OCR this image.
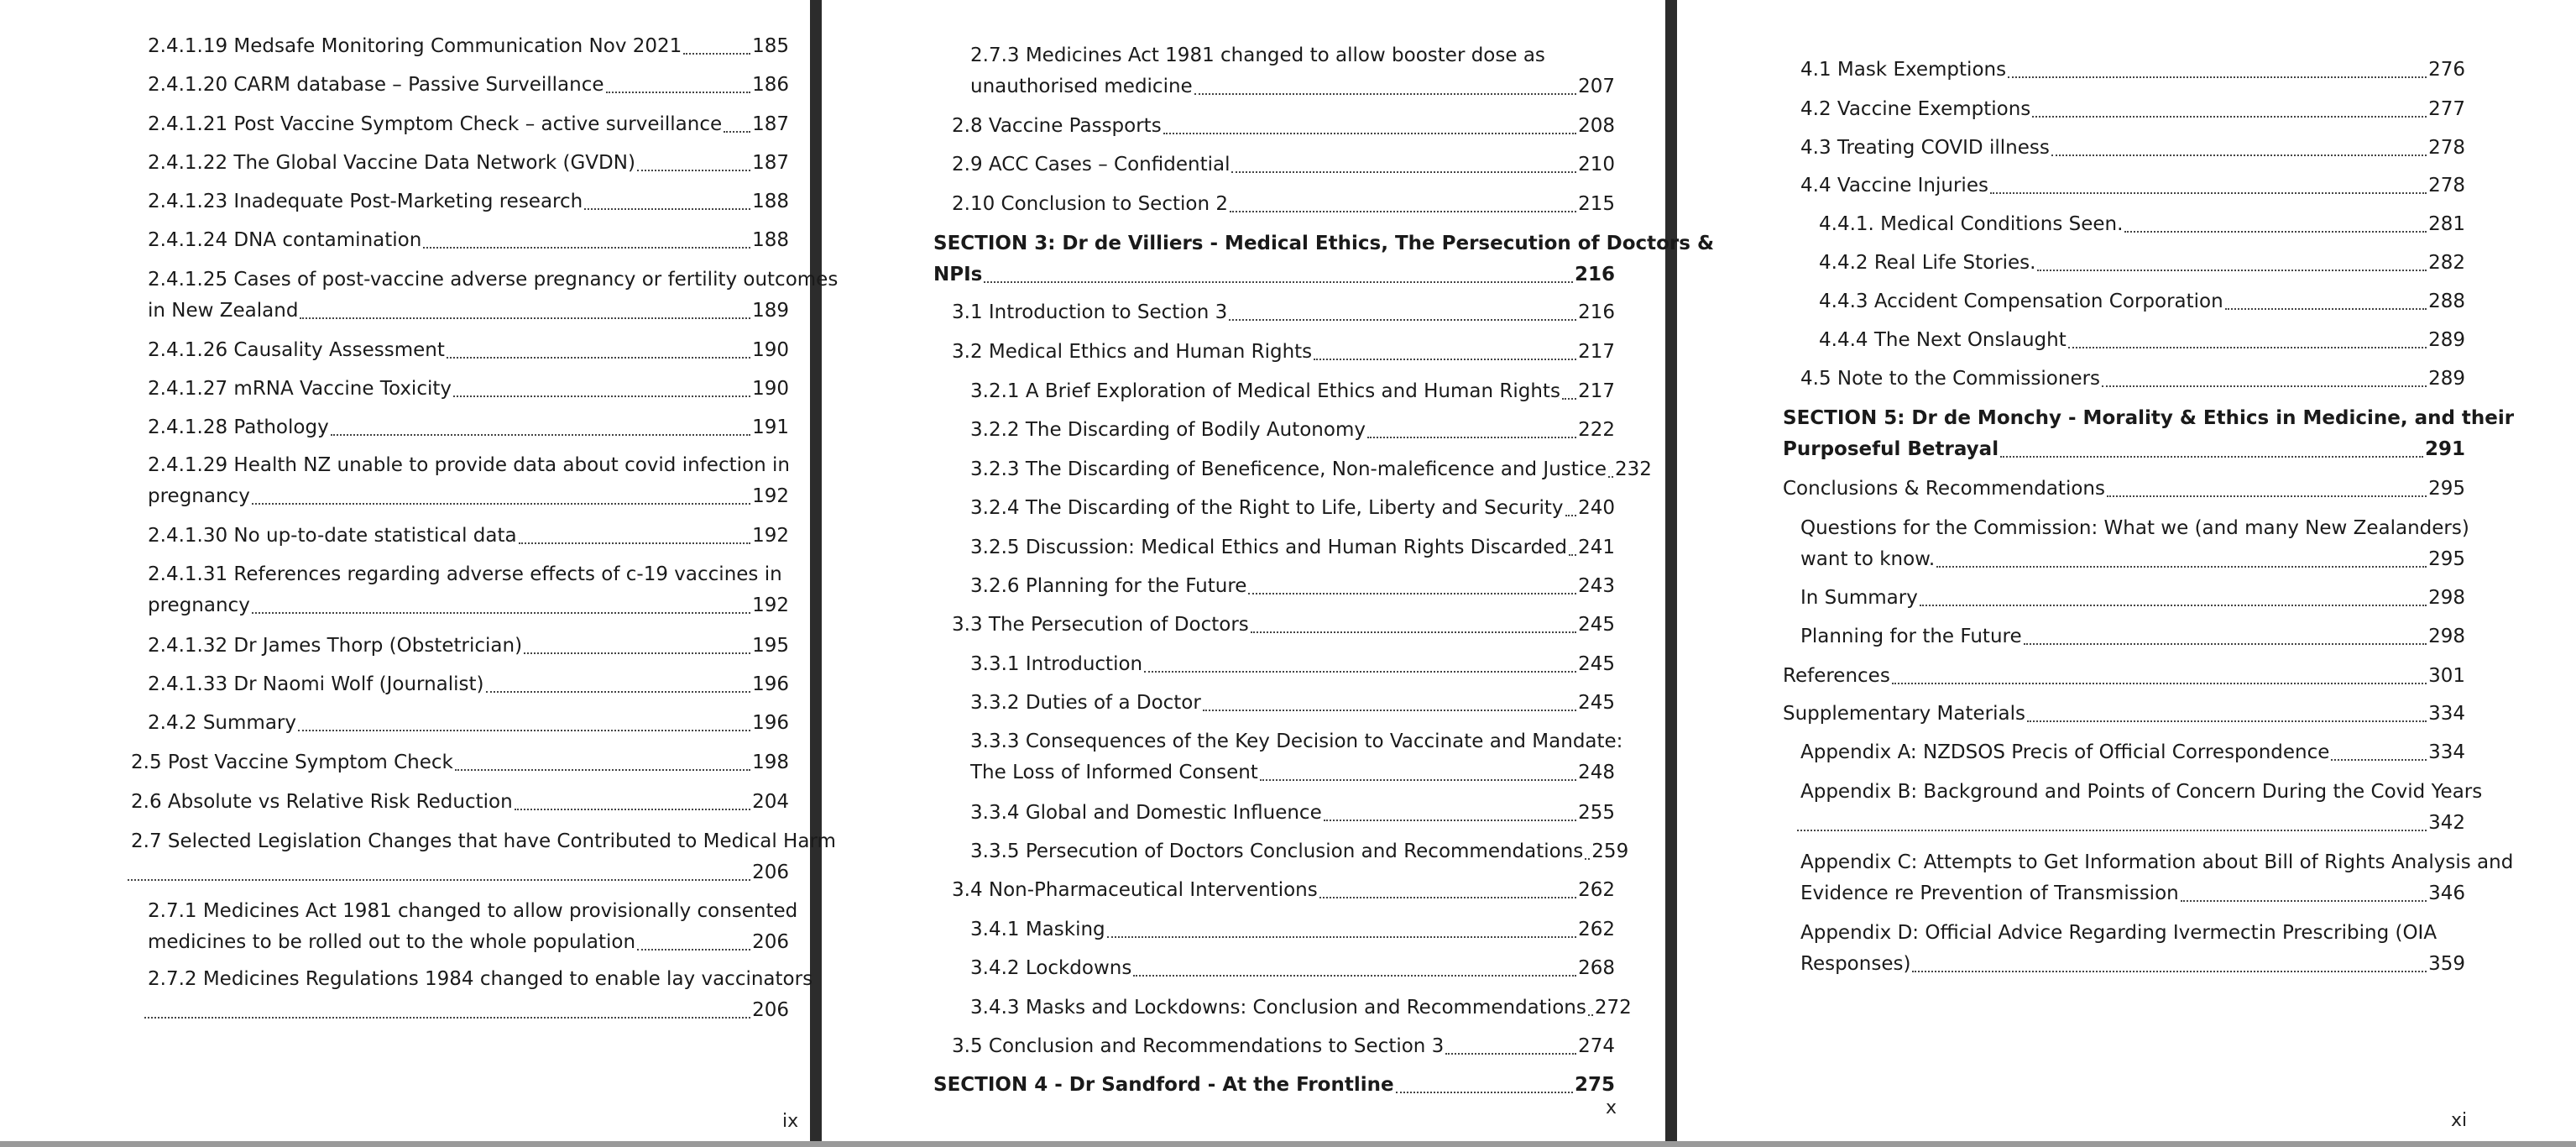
ix
2.4.1.19 Medsafe Monitoring Communication Nov 2021	185
2.4.1.20 CARM database – Passive Surveillance	186
2.4.1.21 Post Vaccine Symptom Check – active surveillance 187
2.4.1.22 The Global Vaccine Data Network (GVDN)	187
2.4.1.23 Inadequate Post-Marketing research	188
2.4.1.24 DNA contamination	188
2.4.1.25 Cases of post-vaccine adverse pregnancy or fertility outcomes
in New Zealand	189
2.4.1.26 Causality Assessment	190
2.4.1.27 mRNA Vaccine Toxicity	190
2.4.1.28 Pathology	191
2.4.1.29 Health NZ unable to provide data about covid infection in
pregnancy	192
2.4.1.30 No up-to-date statistical data	192
2.4.1.31 References regarding adverse effects of c-19 vaccines in
pregnancy	192
2.4.1.32 Dr James Thorp (Obstetrician)	195
2.4.1.33 Dr Naomi Wolf (Journalist)	196
2.4.2 Summary	196
2.5 Post Vaccine Symptom Check	198
2.6 Absolute vs Relative Risk Reduction	204
2.7 Selected Legislation Changes that have Contributed to Medical Harm
206
2.7.1 Medicines Act 1981 changed to allow provisionally consented
medicines to be rolled out to the whole population	206
2.7.2 Medicines Regulations 1984 changed to enable lay vaccinators
206
x
2.7.3 Medicines Act 1981 changed to allow booster dose as
unauthorised medicine	207
2.8 Vaccine Passports	208
2.9 ACC Cases – Confidential	210
2.10 Conclusion to Section 2	215
SECTION 3: Dr de Villiers - Medical Ethics, The Persecution of Doctors &
NPIs	216
3.1 Introduction to Section 3	216
3.2 Medical Ethics and Human Rights	217
3.2.1 A Brief Exploration of Medical Ethics and Human Rights 217
3.2.2 The Discarding of Bodily Autonomy	222
3.2.3 The Discarding of Beneficence, Non-maleficence and Justice 232
3.2.4 The Discarding of the Right to Life, Liberty and Security 240
3.2.5 Discussion: Medical Ethics and Human Rights Discarded 241
3.2.6 Planning for the Future	243
3.3 The Persecution of Doctors	245
3.3.1 Introduction	245
3.3.2 Duties of a Doctor	245
3.3.3 Consequences of the Key Decision to Vaccinate and Mandate:
The Loss of Informed Consent	248
3.3.4 Global and Domestic Influence	255
3.3.5 Persecution of Doctors Conclusion and Recommendations 259
3.4 Non-Pharmaceutical Interventions	262
3.4.1 Masking	262
3.4.2 Lockdowns	268
3.4.3 Masks and Lockdowns: Conclusion and Recommendations 272
3.5 Conclusion and Recommendations to Section 3	274
SECTION 4 - Dr Sandford - At the Frontline	275
xi
4.1 Mask Exemptions	276
4.2 Vaccine Exemptions	277
4.3 Treating COVID illness	278
4.4 Vaccine Injuries	278
4.4.1. Medical Conditions Seen.	281
4.4.2 Real Life Stories.	282
4.4.3 Accident Compensation Corporation	288
4.4.4 The Next Onslaught	289
4.5 Note to the Commissioners	289
SECTION 5: Dr de Monchy - Morality & Ethics in Medicine, and their
Purposeful Betrayal	291
Conclusions & Recommendations	295
Questions for the Commission: What we (and many New Zealanders)
want to know.	295
In Summary	298
Planning for the Future	298
References	301
Supplementary Materials	334
Appendix A: NZDSOS Precis of Official Correspondence	334
Appendix B: Background and Points of Concern During the Covid Years
342
Appendix C: Attempts to Get Information about Bill of Rights Analysis and
Evidence re Prevention of Transmission	346
Appendix D: Official Advice Regarding Ivermectin Prescribing (OIA
Responses)	359
